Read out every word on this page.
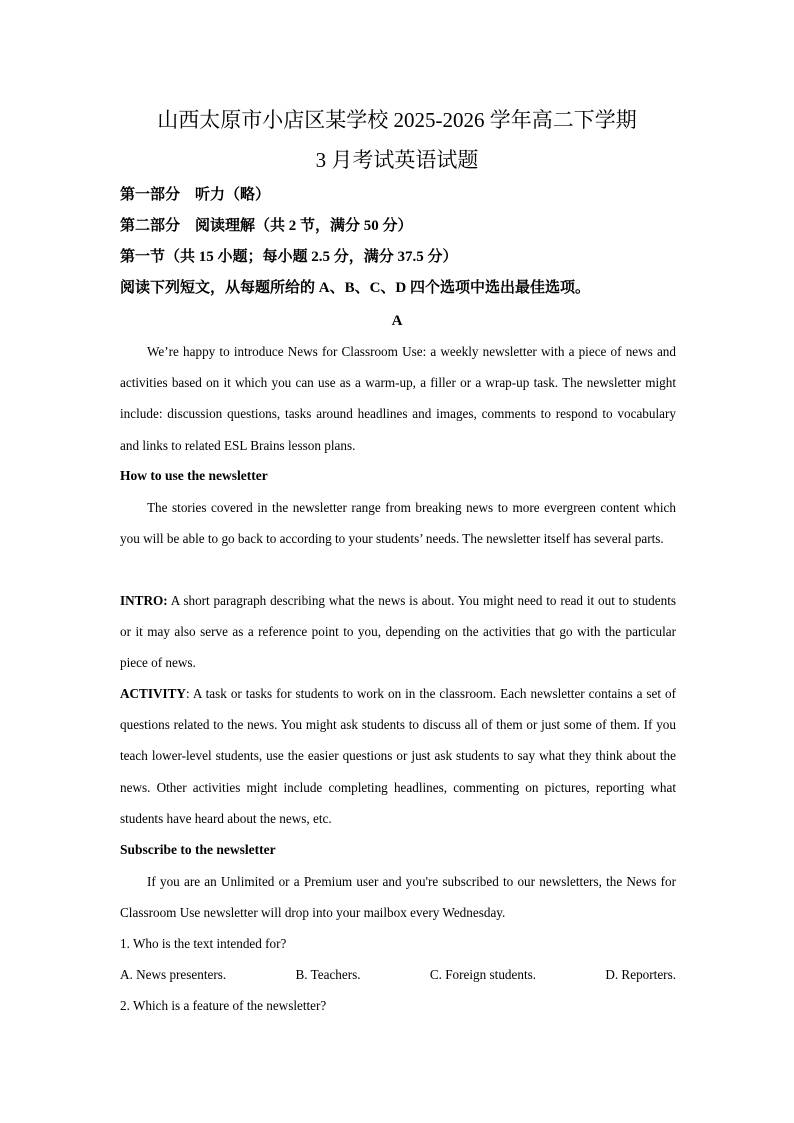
山西太原市小店区某学校 2025-2026 学年高二下学期
3 月考试英语试题
第一部分　听力（略）
第二部分　阅读理解（共 2 节，满分 50 分）
第一节（共 15 小题；每小题 2.5 分，满分 37.5 分）
阅读下列短文，从每题所给的 A、B、C、D 四个选项中选出最佳选项。
A
We’re happy to introduce News for Classroom Use: a weekly newsletter with a piece of news and activities based on it which you can use as a warm-up, a filler or a wrap-up task. The newsletter might include: discussion questions, tasks around headlines and images, comments to respond to vocabulary and links to related ESL Brains lesson plans.
How to use the newsletter
The stories covered in the newsletter range from breaking news to more evergreen content which you will be able to go back to according to your students’ needs. The newsletter itself has several parts.
INTRO: A short paragraph describing what the news is about. You might need to read it out to students or it may also serve as a reference point to you, depending on the activities that go with the particular piece of news.
ACTIVITY: A task or tasks for students to work on in the classroom. Each newsletter contains a set of questions related to the news. You might ask students to discuss all of them or just some of them. If you teach lower-level students, use the easier questions or just ask students to say what they think about the news. Other activities might include completing headlines, commenting on pictures, reporting what students have heard about the news, etc.
Subscribe to the newsletter
If you are an Unlimited or a Premium user and you're subscribed to our newsletters, the News for Classroom Use newsletter will drop into your mailbox every Wednesday.
1. Who is the text intended for?
A. News presenters.	B. Teachers.	C. Foreign students.	D. Reporters.
2. Which is a feature of the newsletter?
